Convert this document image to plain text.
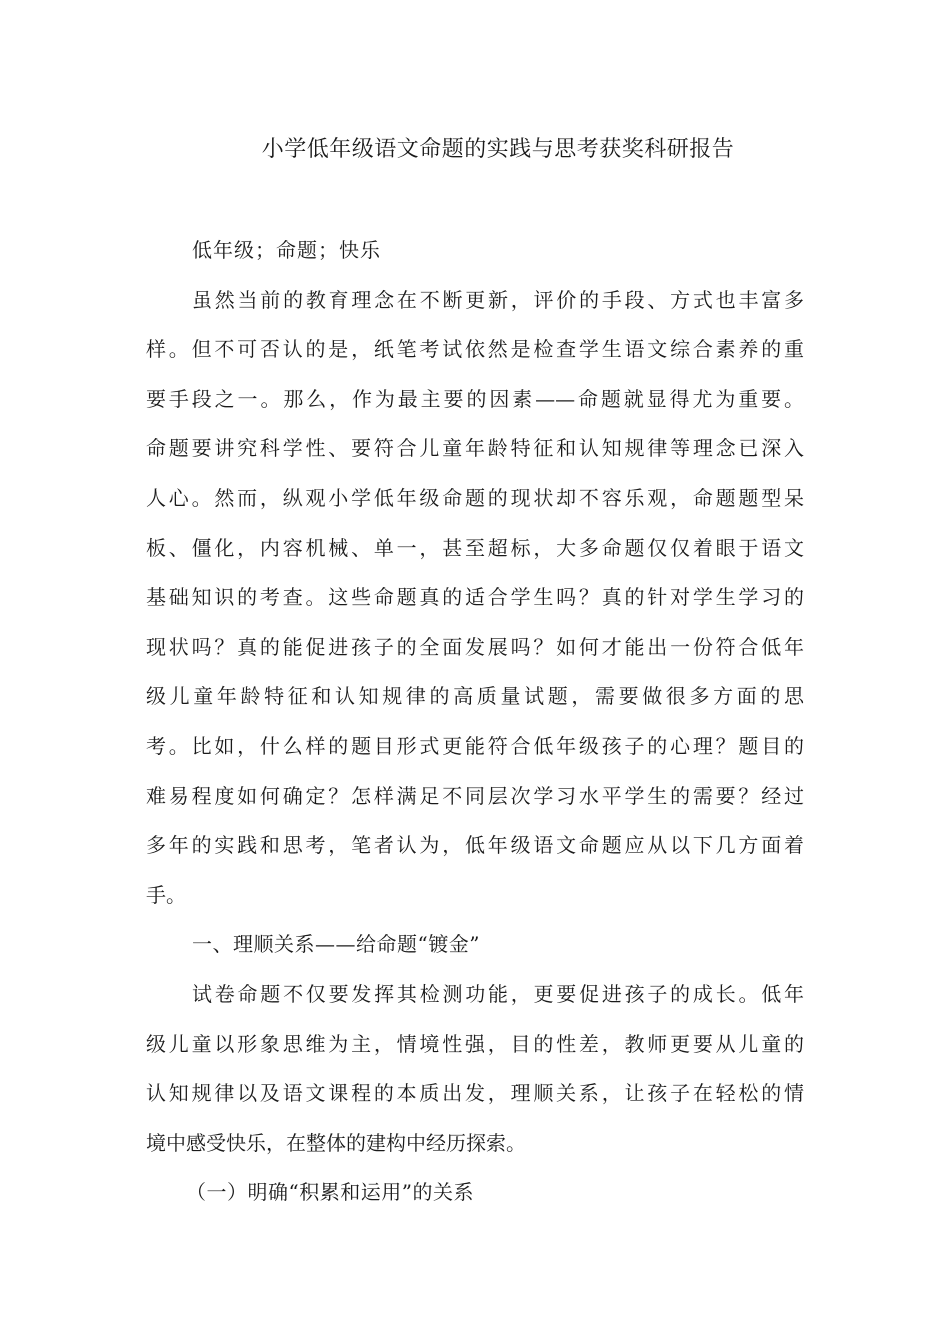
小学低年级语文命题的实践与思考获奖科研报告
低年级；命题；快乐
虽然当前的教育理念在不断更新，评价的手段、方式也丰富多
样。但不可否认的是，纸笔考试依然是检查学生语文综合素养的重
要手段之一。那么，作为最主要的因素——命题就显得尤为重要。
命题要讲究科学性、要符合儿童年龄特征和认知规律等理念已深入
人心。然而，纵观小学低年级命题的现状却不容乐观，命题题型呆
板、僵化，内容机械、单一，甚至超标，大多命题仅仅着眼于语文
基础知识的考查。这些命题真的适合学生吗？真的针对学生学习的
现状吗？真的能促进孩子的全面发展吗？如何才能出一份符合低年
级儿童年龄特征和认知规律的高质量试题，需要做很多方面的思
考。比如，什么样的题目形式更能符合低年级孩子的心理？题目的
难易程度如何确定？怎样满足不同层次学习水平学生的需要？经过
多年的实践和思考，笔者认为，低年级语文命题应从以下几方面着
手。
一、理顺关系——给命题“镀金”
试卷命题不仅要发挥其检测功能，更要促进孩子的成长。低年
级儿童以形象思维为主，情境性强，目的性差，教师更要从儿童的
认知规律以及语文课程的本质出发，理顺关系，让孩子在轻松的情
境中感受快乐，在整体的建构中经历探索。
（一）明确“积累和运用”的关系
